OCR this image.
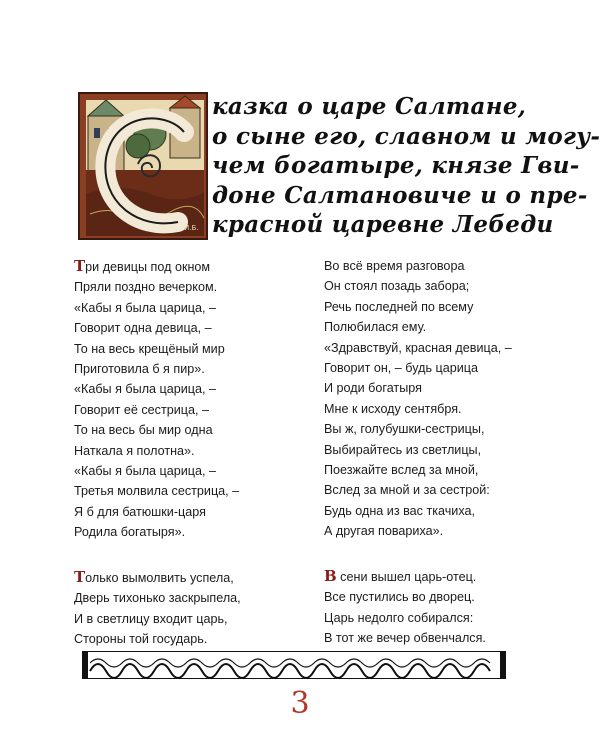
И.Б.
казка о царе Салтане,
о сыне его, славном и могу-
чем богатыре, князе Гви-
доне Салтановиче и о пре-
красной царевне Лебеди
Три девицы под окном
Пряли поздно вечерком.
«Кабы я была царица, –
Говорит одна девица, –
То на весь крещёный мир
Приготовила б я пир».
«Кабы я была царица, –
Говорит её сестрица, –
То на весь бы мир одна
Наткала я полотна».
«Кабы я была царица, –
Третья молвила сестрица, –
Я б для батюшки-царя
Родила богатыря».
Только вымолвить успела,
Дверь тихонько заскрыпела,
И в светлицу входит царь,
Стороны той государь.
Во всё время разговора
Он стоял позадь забора;
Речь последней по всему
Полюбилася ему.
«Здравствуй, красная девица, –
Говорит он, – будь царица
И роди богатыря
Мне к исходу сентября.
Вы ж, голубушки-сестрицы,
Выбирайтесь из светлицы,
Поезжайте вслед за мной,
Вслед за мной и за сестрой:
Будь одна из вас ткачиха,
А другая повариха».
В сени вышел царь-отец.
Все пустились во дворец.
Царь недолго собирался:
В тот же вечер обвенчался.
3
